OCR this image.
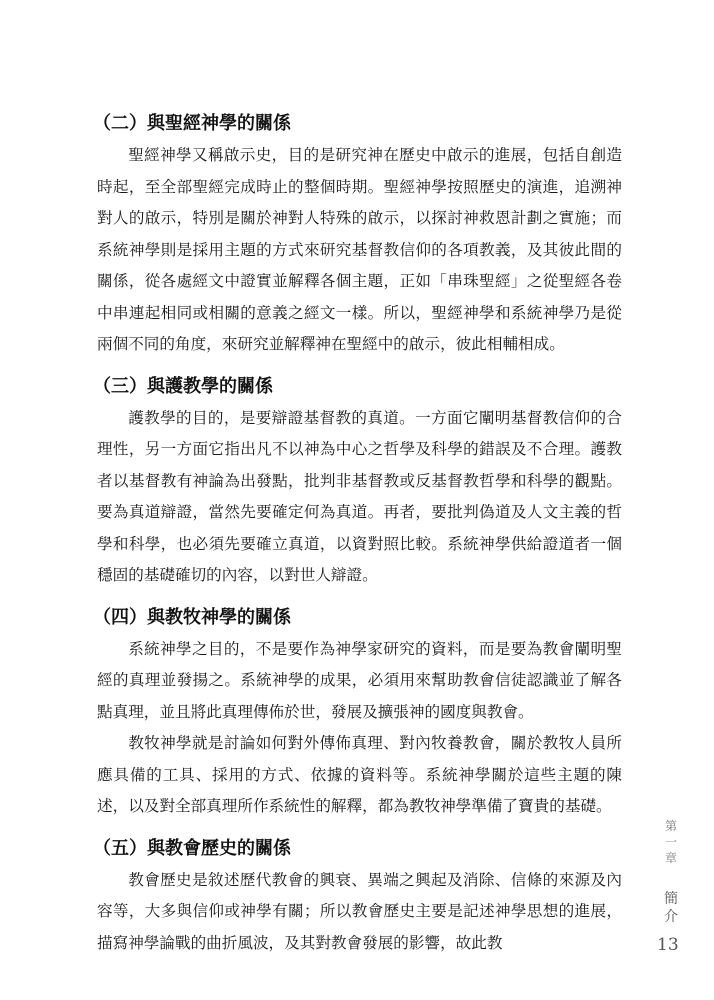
（二）與聖經神學的關係

聖經神學又稱啟示史，目的是研究神在歷史中啟示的進展，包括自創造時起，至全部聖經完成時止的整個時期。聖經神學按照歷史的演進，追溯神對人的啟示，特別是關於神對人特殊的啟示，以探討神救恩計劃之實施；而系統神學則是採用主題的方式來研究基督教信仰的各項教義，及其彼此間的關係，從各處經文中證實並解釋各個主題，正如「串珠聖經」之從聖經各卷中串連起相同或相關的意義之經文一樣。所以，聖經神學和系統神學乃是從兩個不同的角度，來研究並解釋神在聖經中的啟示，彼此相輔相成。

（三）與護教學的關係

護教學的目的，是要辯證基督教的真道。一方面它闡明基督教信仰的合理性，另一方面它指出凡不以神為中心之哲學及科學的錯誤及不合理。護教者以基督教有神論為出發點，批判非基督教或反基督教哲學和科學的觀點。要為真道辯證，當然先要確定何為真道。再者，要批判偽道及人文主義的哲學和科學，也必須先要確立真道，以資對照比較。系統神學供給證道者一個穩固的基礎確切的內容，以對世人辯證。

（四）與教牧神學的關係

系統神學之目的，不是要作為神學家研究的資料，而是要為教會闡明聖經的真理並發揚之。系統神學的成果，必須用來幫助教會信徒認識並了解各點真理，並且將此真理傳佈於世，發展及擴張神的國度與教會。

教牧神學就是討論如何對外傳佈真理、對內牧養教會，關於教牧人員所應具備的工具、採用的方式、依據的資料等。系統神學關於這些主題的陳述，以及對全部真理所作系統性的解釋，都為教牧神學準備了寶貴的基礎。

（五）與教會歷史的關係

教會歷史是敘述歷代教會的興衰、異端之興起及消除、信條的來源及內容等，大多與信仰或神學有關；所以教會歷史主要是記述神學思想的進展，描寫神學論戰的曲折風波，及其對教會發展的影響，故此教

第
一
章
簡
介
13
